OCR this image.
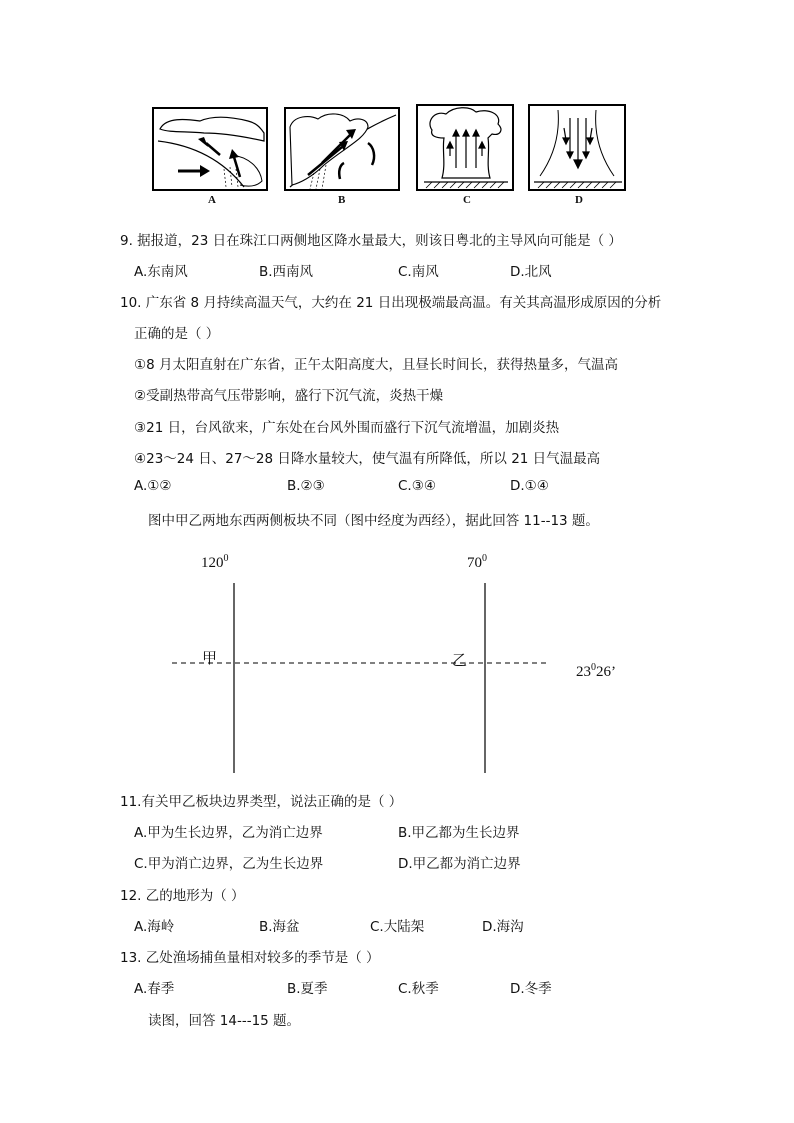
A	B	C	D
9. 据报道，23 日在珠江口两侧地区降水量最大，则该日粤北的主导风向可能是（ ）
A.东南风	B.西南风	C.南风	D.北风
10. 广东省 8 月持续高温天气，大约在 21 日出现极端最高温。有关其高温形成原因的分析
正确的是（ ）
①8 月太阳直射在广东省，正午太阳高度大，且昼长时间长，获得热量多，气温高
②受副热带高气压带影响，盛行下沉气流，炎热干燥
③21 日，台风欲来，广东处在台风外围而盛行下沉气流增温，加剧炎热
④23～24 日、27～28 日降水量较大，使气温有所降低，所以 21 日气温最高
A.①②	B.②③	C.③④	D.①④
图中甲乙两地东西两侧板块不同（图中经度为西经），据此回答 11--13 题。
$120^0$	$70^0$
甲	乙
$23^026$’
11.有关甲乙板块边界类型，说法正确的是（ ）
A.甲为生长边界，乙为消亡边界	B.甲乙都为生长边界
C.甲为消亡边界，乙为生长边界	D.甲乙都为消亡边界
12. 乙的地形为（ ）
A.海岭	B.海盆	C.大陆架	D.海沟
13. 乙处渔场捕鱼量相对较多的季节是（ ）
A.春季	B.夏季	C.秋季	D.冬季
读图，回答 14---15 题。
